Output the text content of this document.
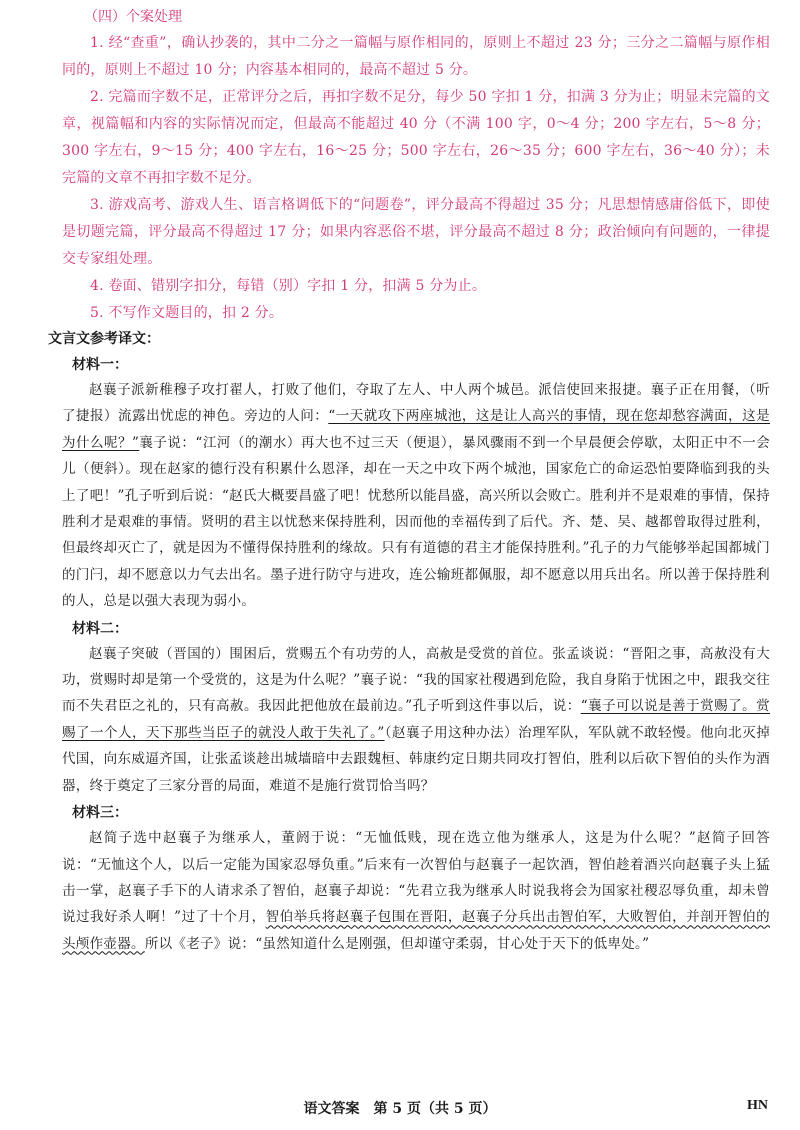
（四）个案处理

1. 经“查重”，确认抄袭的，其中二分之一篇幅与原作相同的，原则上不超过 23 分；三分之二篇幅与原作相同的，原则上不超过 10 分；内容基本相同的，最高不超过 5 分。

2. 完篇而字数不足，正常评分之后，再扣字数不足分，每少 50 字扣 1 分，扣满 3 分为止；明显未完篇的文章，视篇幅和内容的实际情况而定，但最高不能超过 40 分（不满 100 字，0～4 分；200 字左右，5～8 分；300 字左右，9～15 分；400 字左右，16～25 分；500 字左右，26～35 分；600 字左右，36～40 分）；未完篇的文章不再扣字数不足分。

3. 游戏高考、游戏人生、语言格调低下的“问题卷”，评分最高不得超过 35 分；凡思想情感庸俗低下，即使是切题完篇，评分最高不得超过 17 分；如果内容恶俗不堪，评分最高不超过 8 分；政治倾向有问题的，一律提交专家组处理。

4. 卷面、错别字扣分，每错（别）字扣 1 分，扣满 5 分为止。

5. 不写作文题目的，扣 2 分。

文言文参考译文：

材料一：

赵襄子派新稚穆子攻打翟人，打败了他们，夺取了左人、中人两个城邑。派信使回来报捷。襄子正在用餐，（听了捷报）流露出忧虑的神色。旁边的人问：“一天就攻下两座城池，这是让人高兴的事情，现在您却愁容满面，这是为什么呢？”襄子说：“江河（的潮水）再大也不过三天（便退），暴风骤雨不到一个早晨便会停歇，太阳正中不一会儿（便斜）。现在赵家的德行没有积累什么恩泽，却在一天之中攻下两个城池，国家危亡的命运恐怕要降临到我的头上了吧！”孔子听到后说：“赵氏大概要昌盛了吧！忧愁所以能昌盛，高兴所以会败亡。胜利并不是艰难的事情，保持胜利才是艰难的事情。贤明的君主以忧愁来保持胜利，因而他的幸福传到了后代。齐、楚、吴、越都曾取得过胜利，但最终却灭亡了，就是因为不懂得保持胜利的缘故。只有有道德的君主才能保持胜利。”孔子的力气能够举起国都城门的门闩，却不愿意以力气去出名。墨子进行防守与进攻，连公输班都佩服，却不愿意以用兵出名。所以善于保持胜利的人，总是以强大表现为弱小。

材料二：

赵襄子突破（晋国的）围困后，赏赐五个有功劳的人，高赦是受赏的首位。张孟谈说：“晋阳之事，高赦没有大功，赏赐时却是第一个受赏的，这是为什么呢？”襄子说：“我的国家社稷遇到危险，我自身陷于忧困之中，跟我交往而不失君臣之礼的，只有高赦。我因此把他放在最前边。”孔子听到这件事以后，说：“襄子可以说是善于赏赐了。赏赐了一个人，天下那些当臣子的就没人敢于失礼了。”（赵襄子用这种办法）治理军队，军队就不敢轻慢。他向北灭掉代国，向东威逼齐国，让张孟谈趁出城墙暗中去跟魏桓、韩康约定日期共同攻打智伯，胜利以后砍下智伯的头作为酒器，终于奠定了三家分晋的局面，难道不是施行赏罚恰当吗？

材料三：

赵简子选中赵襄子为继承人，董阏于说：“无恤低贱，现在选立他为继承人，这是为什么呢？”赵简子回答说：“无恤这个人，以后一定能为国家忍辱负重。”后来有一次智伯与赵襄子一起饮酒，智伯趁着酒兴向赵襄子头上猛击一掌，赵襄子手下的人请求杀了智伯，赵襄子却说：“先君立我为继承人时说我将会为国家社稷忍辱负重，却未曾说过我好杀人啊！”过了十个月，智伯举兵将赵襄子包围在晋阳，赵襄子分兵出击智伯军，大败智伯，并剖开智伯的头颅作壶器。所以《老子》说：“虽然知道什么是刚强，但却谨守柔弱，甘心处于天下的低卑处。”

语文答案　第 5 页（共 5 页）	HN
